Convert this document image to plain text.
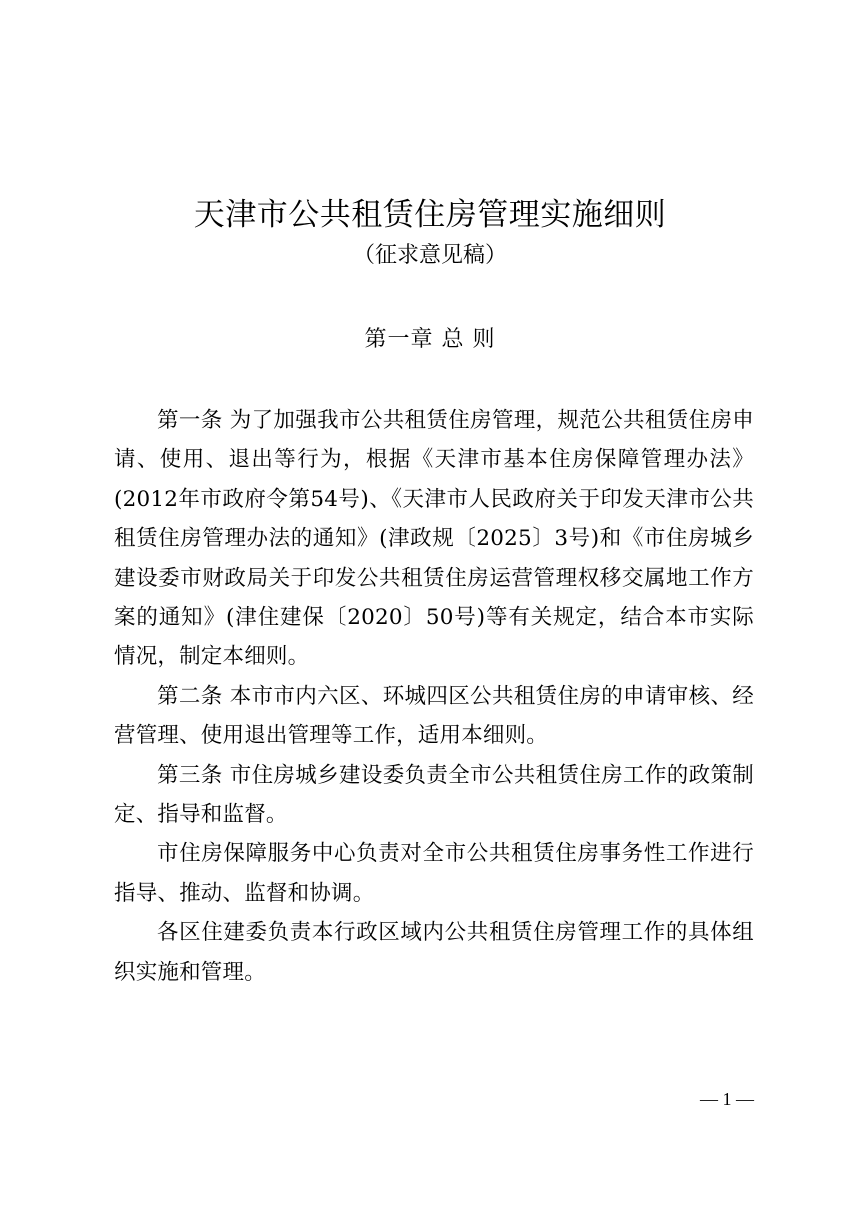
天津市公共租赁住房管理实施细则
（征求意见稿）
第一章 总 则

第一条 为了加强我市公共租赁住房管理，规范公共租赁住房申请、使用、退出等行为，根据《天津市基本住房保障管理办法》(2012年市政府令第54号)、《天津市人民政府关于印发天津市公共租赁住房管理办法的通知》(津政规〔2025〕3号)和《市住房城乡建设委市财政局关于印发公共租赁住房运营管理权移交属地工作方案的通知》(津住建保〔2020〕50号)等有关规定，结合本市实际情况，制定本细则。

第二条 本市市内六区、环城四区公共租赁住房的申请审核、经营管理、使用退出管理等工作，适用本细则。

第三条 市住房城乡建设委负责全市公共租赁住房工作的政策制定、指导和监督。

市住房保障服务中心负责对全市公共租赁住房事务性工作进行指导、推动、监督和协调。

各区住建委负责本行政区域内公共租赁住房管理工作的具体组织实施和管理。

— 1 —
